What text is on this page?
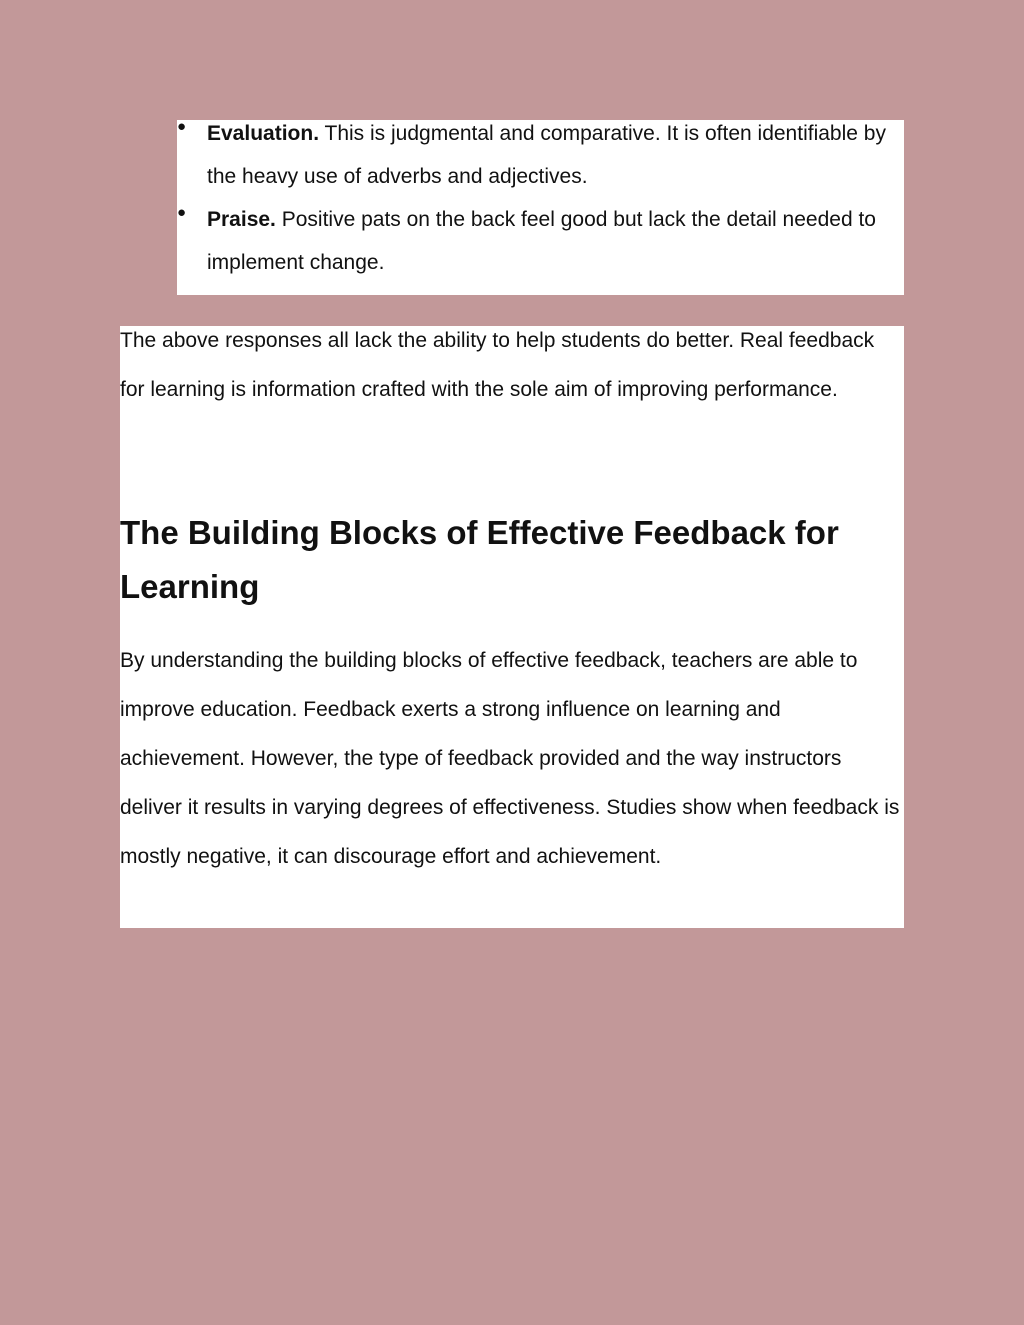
● Evaluation. This is judgmental and comparative. It is often identifiable by the heavy use of adverbs and adjectives.
● Praise. Positive pats on the back feel good but lack the detail needed to implement change.

The above responses all lack the ability to help students do better. Real feedback for learning is information crafted with the sole aim of improving performance.

The Building Blocks of Effective Feedback for Learning

By understanding the building blocks of effective feedback, teachers are able to improve education. Feedback exerts a strong influence on learning and achievement. However, the type of feedback provided and the way instructors deliver it results in varying degrees of effectiveness. Studies show when feedback is mostly negative, it can discourage effort and achievement.
